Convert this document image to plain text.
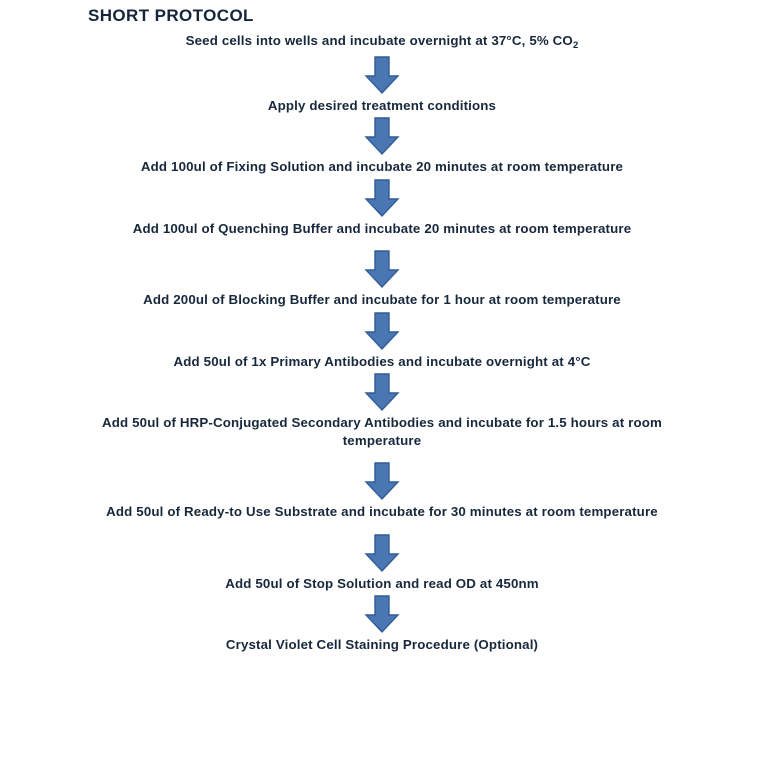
SHORT PROTOCOL
Seed cells into wells and incubate overnight at 37°C, 5% $CO_2$
Apply desired treatment conditions
Add 100ul of Fixing Solution and incubate 20 minutes at room temperature
Add 100ul of Quenching Buffer and incubate 20 minutes at room temperature
Add 200ul of Blocking Buffer and incubate for 1 hour at room temperature
Add 50ul of 1x Primary Antibodies and incubate overnight at 4°C
Add 50ul of HRP-Conjugated Secondary Antibodies and incubate for 1.5 hours at room temperature
Add 50ul of Ready-to Use Substrate and incubate for 30 minutes at room temperature
Add 50ul of Stop Solution and read OD at 450nm
Crystal Violet Cell Staining Procedure (Optional)
